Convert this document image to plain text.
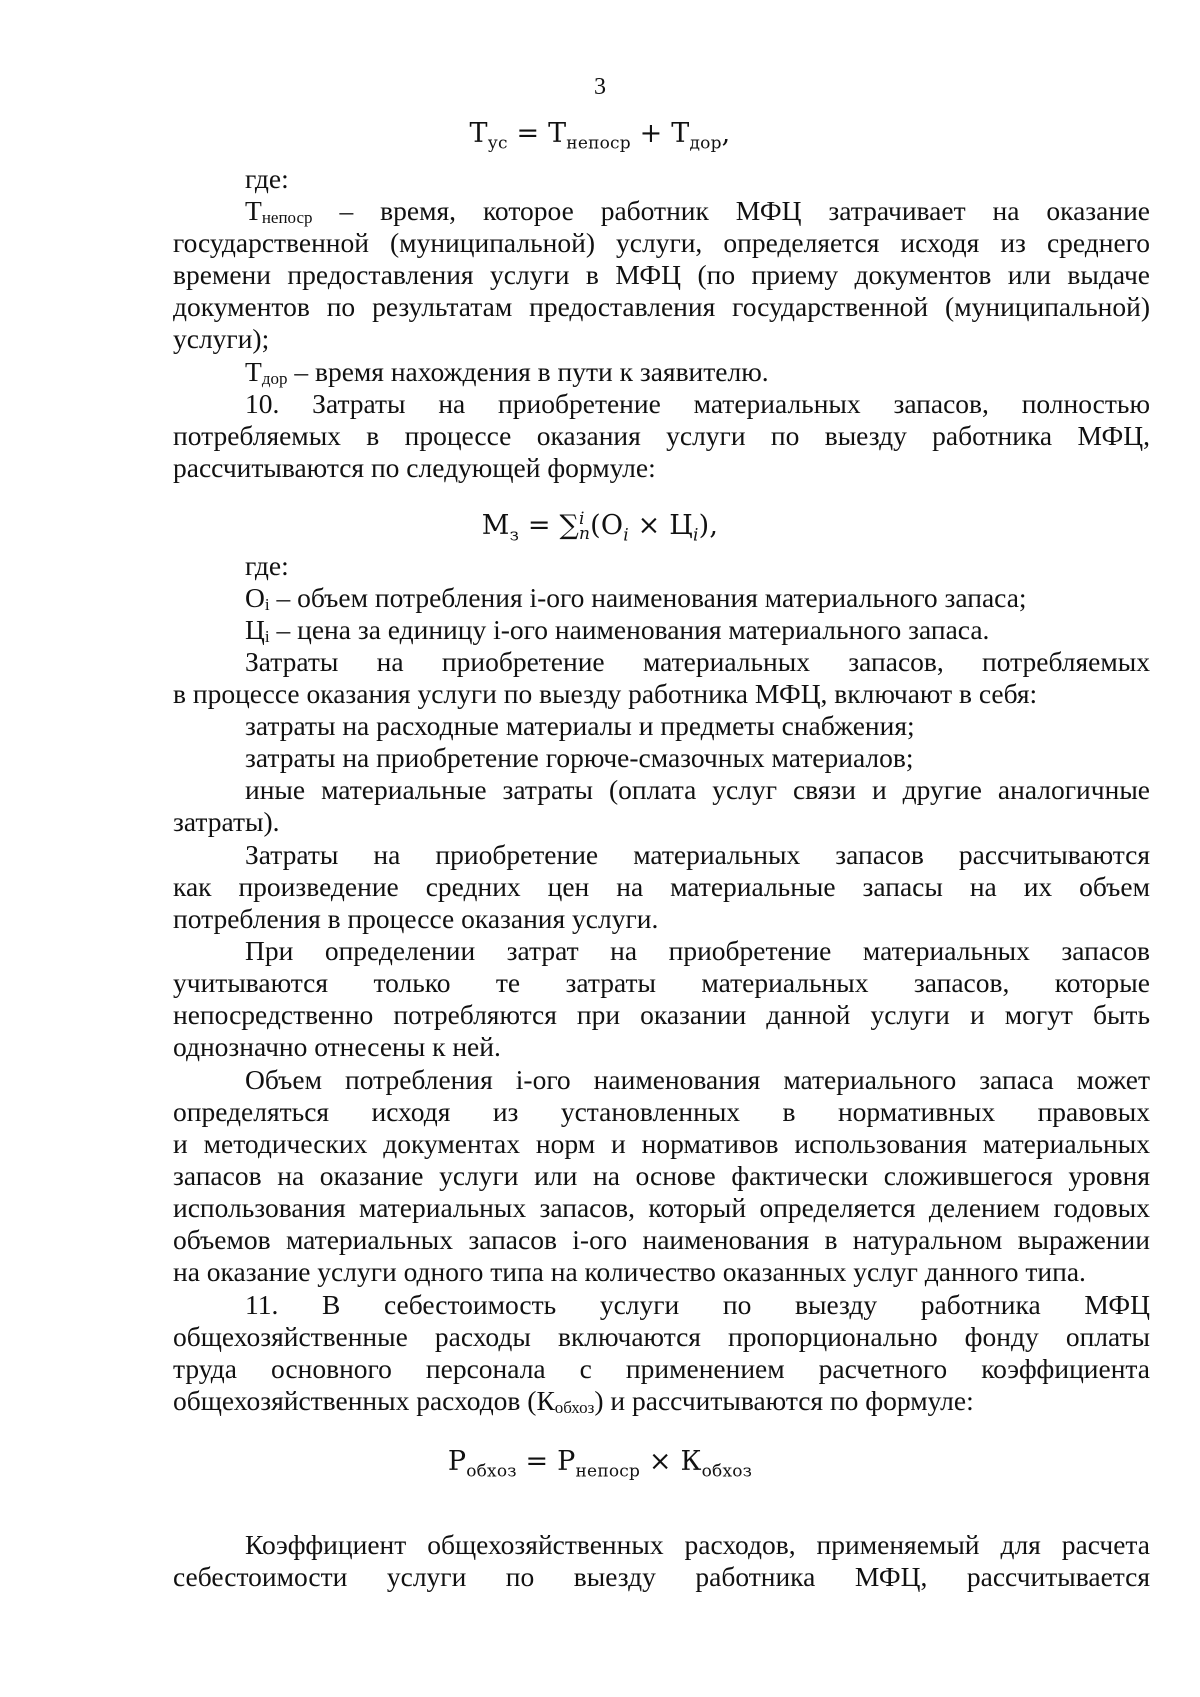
3
$Т_{ус} = Т_{непоср} + Т_{дор}$,
где:
$Т_{непоср}$ – время, которое работник МФЦ затрачивает на оказание
государственной (муниципальной) услуги, определяется исходя из среднего
времени предоставления услуги в МФЦ (по приему документов или выдаче
документов по результатам предоставления государственной (муниципальной)
услуги);
$Т_{дор}$ – время нахождения в пути к заявителю.
10. Затраты на приобретение материальных запасов, полностью
потребляемых в процессе оказания услуги по выезду работника МФЦ,
рассчитываются по следующей формуле:
$М_з$ = ∑ i
n $(О_i \times Ц_i)$,
где:
$О_i$ – объем потребления i-ого наименования материального запаса;
$Ц_i$ – цена за единицу i-ого наименования материального запаса.
Затраты на приобретение материальных запасов, потребляемых
в процессе оказания услуги по выезду работника МФЦ, включают в себя:
затраты на расходные материалы и предметы снабжения;
затраты на приобретение горюче-смазочных материалов;
иные материальные затраты (оплата услуг связи и другие аналогичные
затраты).
Затраты на приобретение материальных запасов рассчитываются
как произведение средних цен на материальные запасы на их объем
потребления в процессе оказания услуги.
При определении затрат на приобретение материальных запасов
учитываются только те затраты материальных запасов, которые
непосредственно потребляются при оказании данной услуги и могут быть
однозначно отнесены к ней.
Объем потребления i-ого наименования материального запаса может
определяться исходя из установленных в нормативных правовых
и методических документах норм и нормативов использования материальных
запасов на оказание услуги или на основе фактически сложившегося уровня
использования материальных запасов, который определяется делением годовых
объемов материальных запасов i-ого наименования в натуральном выражении
на оказание услуги одного типа на количество оказанных услуг данного типа.
11. В себестоимость услуги по выезду работника МФЦ
общехозяйственные расходы включаются пропорционально фонду оплаты
труда основного персонала с применением расчетного коэффициента
общехозяйственных расходов $(К_{обхоз})$ и рассчитываются по формуле:
$Р_{обхоз} = Р_{непоср} \times К_{обхоз}$
Коэффициент общехозяйственных расходов, применяемый для расчета
себестоимости услуги по выезду работника МФЦ, рассчитывается
